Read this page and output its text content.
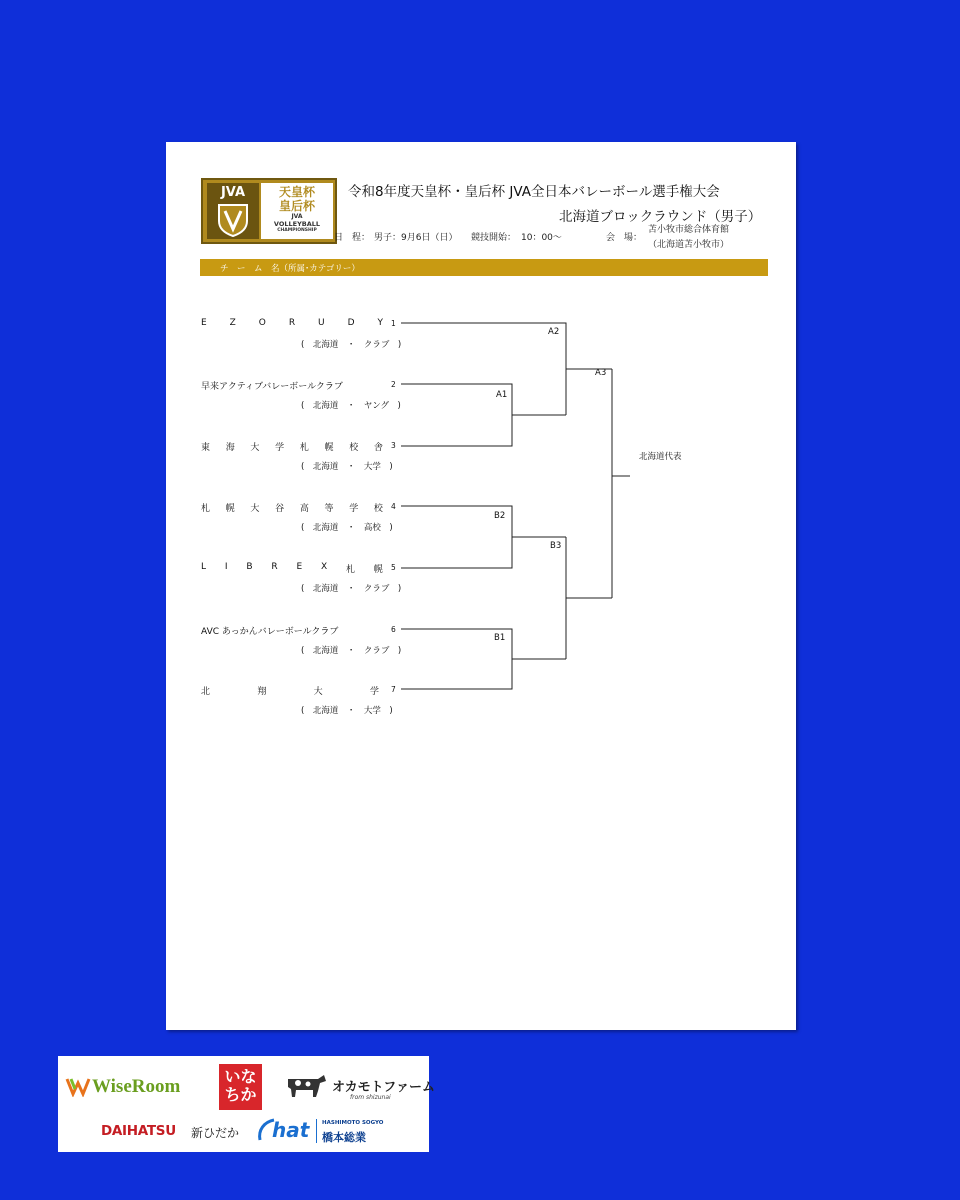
JVA	天皇杯
皇后杯
JVA
VOLLEYBALL
CHAMPIONSHIP
令和8年度天皇杯・皇后杯 JVA全日本バレーボール選手権大会
北海道ブロックラウンド（男子）
日　程： 男子：9月6日（日） 競技開始： 10：00～	会　場：
苫小牧市総合体育館
（北海道苫小牧市）
チ　ー　ム　名（所属･カテゴリー）
E	Z	O	R	U	D	Y
(　北海道　・　クラブ　)
1
早来アクティブバレーボールクラブ
(　北海道　・　ヤング　)
2
東 海 大 学 札 幌 校 舎
(　北海道　・　大学　)
3
札 幌 大 谷 高 等 学 校
(　北海道　・　高校　)
4
L I B R E X 札 幌
(　北海道　・　クラブ　)
5
AVC あっかんバレーボールクラブ
(　北海道　・　クラブ　)
6
北	翔	大	学
(　北海道　・　大学　)
7
A2
A1
A3
B2
B3
B1
北海道代表
WiseRoom	いな
ちか	オカモトファーム
from shizunai
DAIHATSU 新ひだか hat HASHIMOTO SOGYO
橋本総業
